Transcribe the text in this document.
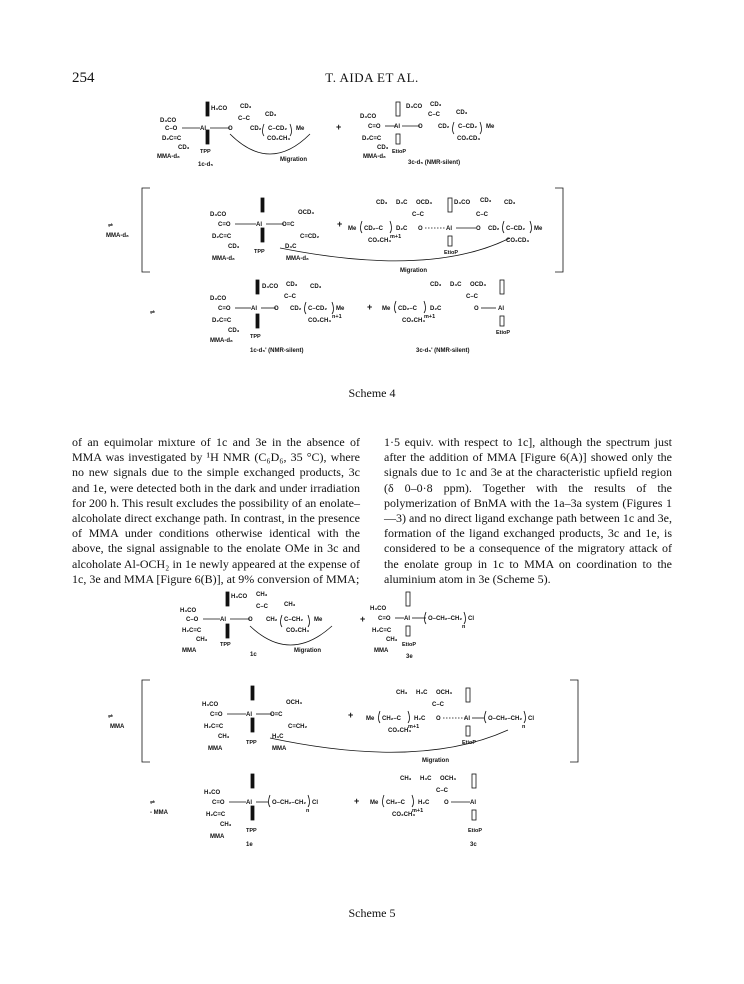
254	T. AIDA ET AL.
D₃CO
H₃CO CD₃
C–O	Al	O
D₂C=C
CD₃
C–C
CD₂
CD₃
C–CD₂ Me
CO₂CH₃
MMA-d₈
TPP
1c-d₅
Migration
+
D₃CO
D₃CO CD₃
C=O Al	O
D₂C=C
CD₃
C–C
CD₂
CD₃
C–CD₂ Me
CO₂CD₃
MMA-d₈
EtioP
3c-d₅ (NMR-silent)
⇌
MMA-d₈
D₃CO
C=O	Al	O=C
OCD₃
C=CD₂
D₂C=C
CD₃	D₃C
MMA-d₈
TPP
MMA-d₈
+ Me CD₂–C
m+1
D₂C
CD₃ D₃C OCD₃
C–C
O	Al
D₃CO CD₃ CD₃
C–C
O CD₂ C–CD₂ Me
CO₂CH₃	CO₂CD₃
EtioP
Migration
⇌
D₃CO
D₃CO CD₃ CD₃
C=O	Al	O
C–C
CD₂ C–CD₂ Me
n+1
CO₂CH₃
D₂C=C
CD₃
MMA-d₈
TPP
1c-d₅' (NMR-silent)
+ Me CD₂–C
m+1
D₂C
CD₃ D₃C OCD₃
C–C
O	Al
CO₂CH₃
EtioP
3c-d₅' (NMR-silent)
Scheme 4
of an equimolar mixture of 1c and 3e in the absence of MMA was investigated by ¹H NMR (C₆D₆, 35 °C), where no new signals due to the simple exchanged products, 3c and 1e, were detected both in the dark and under irradiation for 200 h. This result excludes the possibility of an enolate–alcoholate direct exchange path. In contrast, in the presence of MMA under conditions otherwise identical with the above, the signal assignable to the enolate OMe in 3c and alcoholate Al-OCH₂ in 1e newly appeared at the expense of 1c, 3e and MMA [Figure 6(B)], at 9% conversion of MMA;
1·5 equiv. with respect to 1c], although the spectrum just after the addition of MMA [Figure 6(A)] showed only the signals due to 1c and 3e at the characteristic upfield region (δ 0–0·8 ppm). Together with the results of the polymerization of BnMA with the 1a–3a system (Figures 1—3) and no direct ligand exchange path between 1c and 3e, formation of the ligand exchanged products, 3c and 1e, is considered to be a consequence of the migratory attack of the enolate group in 1c to MMA on coordination to the aluminium atom in 3e (Scheme 5).
H₃CO
H₃CO CH₃
C–O	Al	O
C–C
CH₂
CH₃
C–CH₂ Me
CO₂CH₃
H₂C=C
CH₃
MMA
TPP
1c
Migration
+
H₃CO
C=O Al	O–CH₂–CH₂ Cl
n
H₂C=C
CH₃
MMA
EtioP
3e
⇌
MMA
H₃CO
C=O	Al	O=C
OCH₃
C=CH₂
H₂C=C
CH₃	H₃C
MMA
TPP
MMA
+ Me CH₂–C
m+1
H₂C
CH₃ H₃C OCH₃
C–C
O	Al	O–CH₂–CH₂ Cl
n
CO₂CH₃
EtioP
Migration
⇌
- MMA
H₃CO
C=O	Al	O–CH₂–CH₂ Cl
n
H₂C=C
CH₃
MMA
TPP
1e
+ Me CH₂–C
m+1
H₂C
CH₃ H₃C OCH₃
C–C
O	Al
CO₂CH₃
EtioP
3c
Scheme 5
